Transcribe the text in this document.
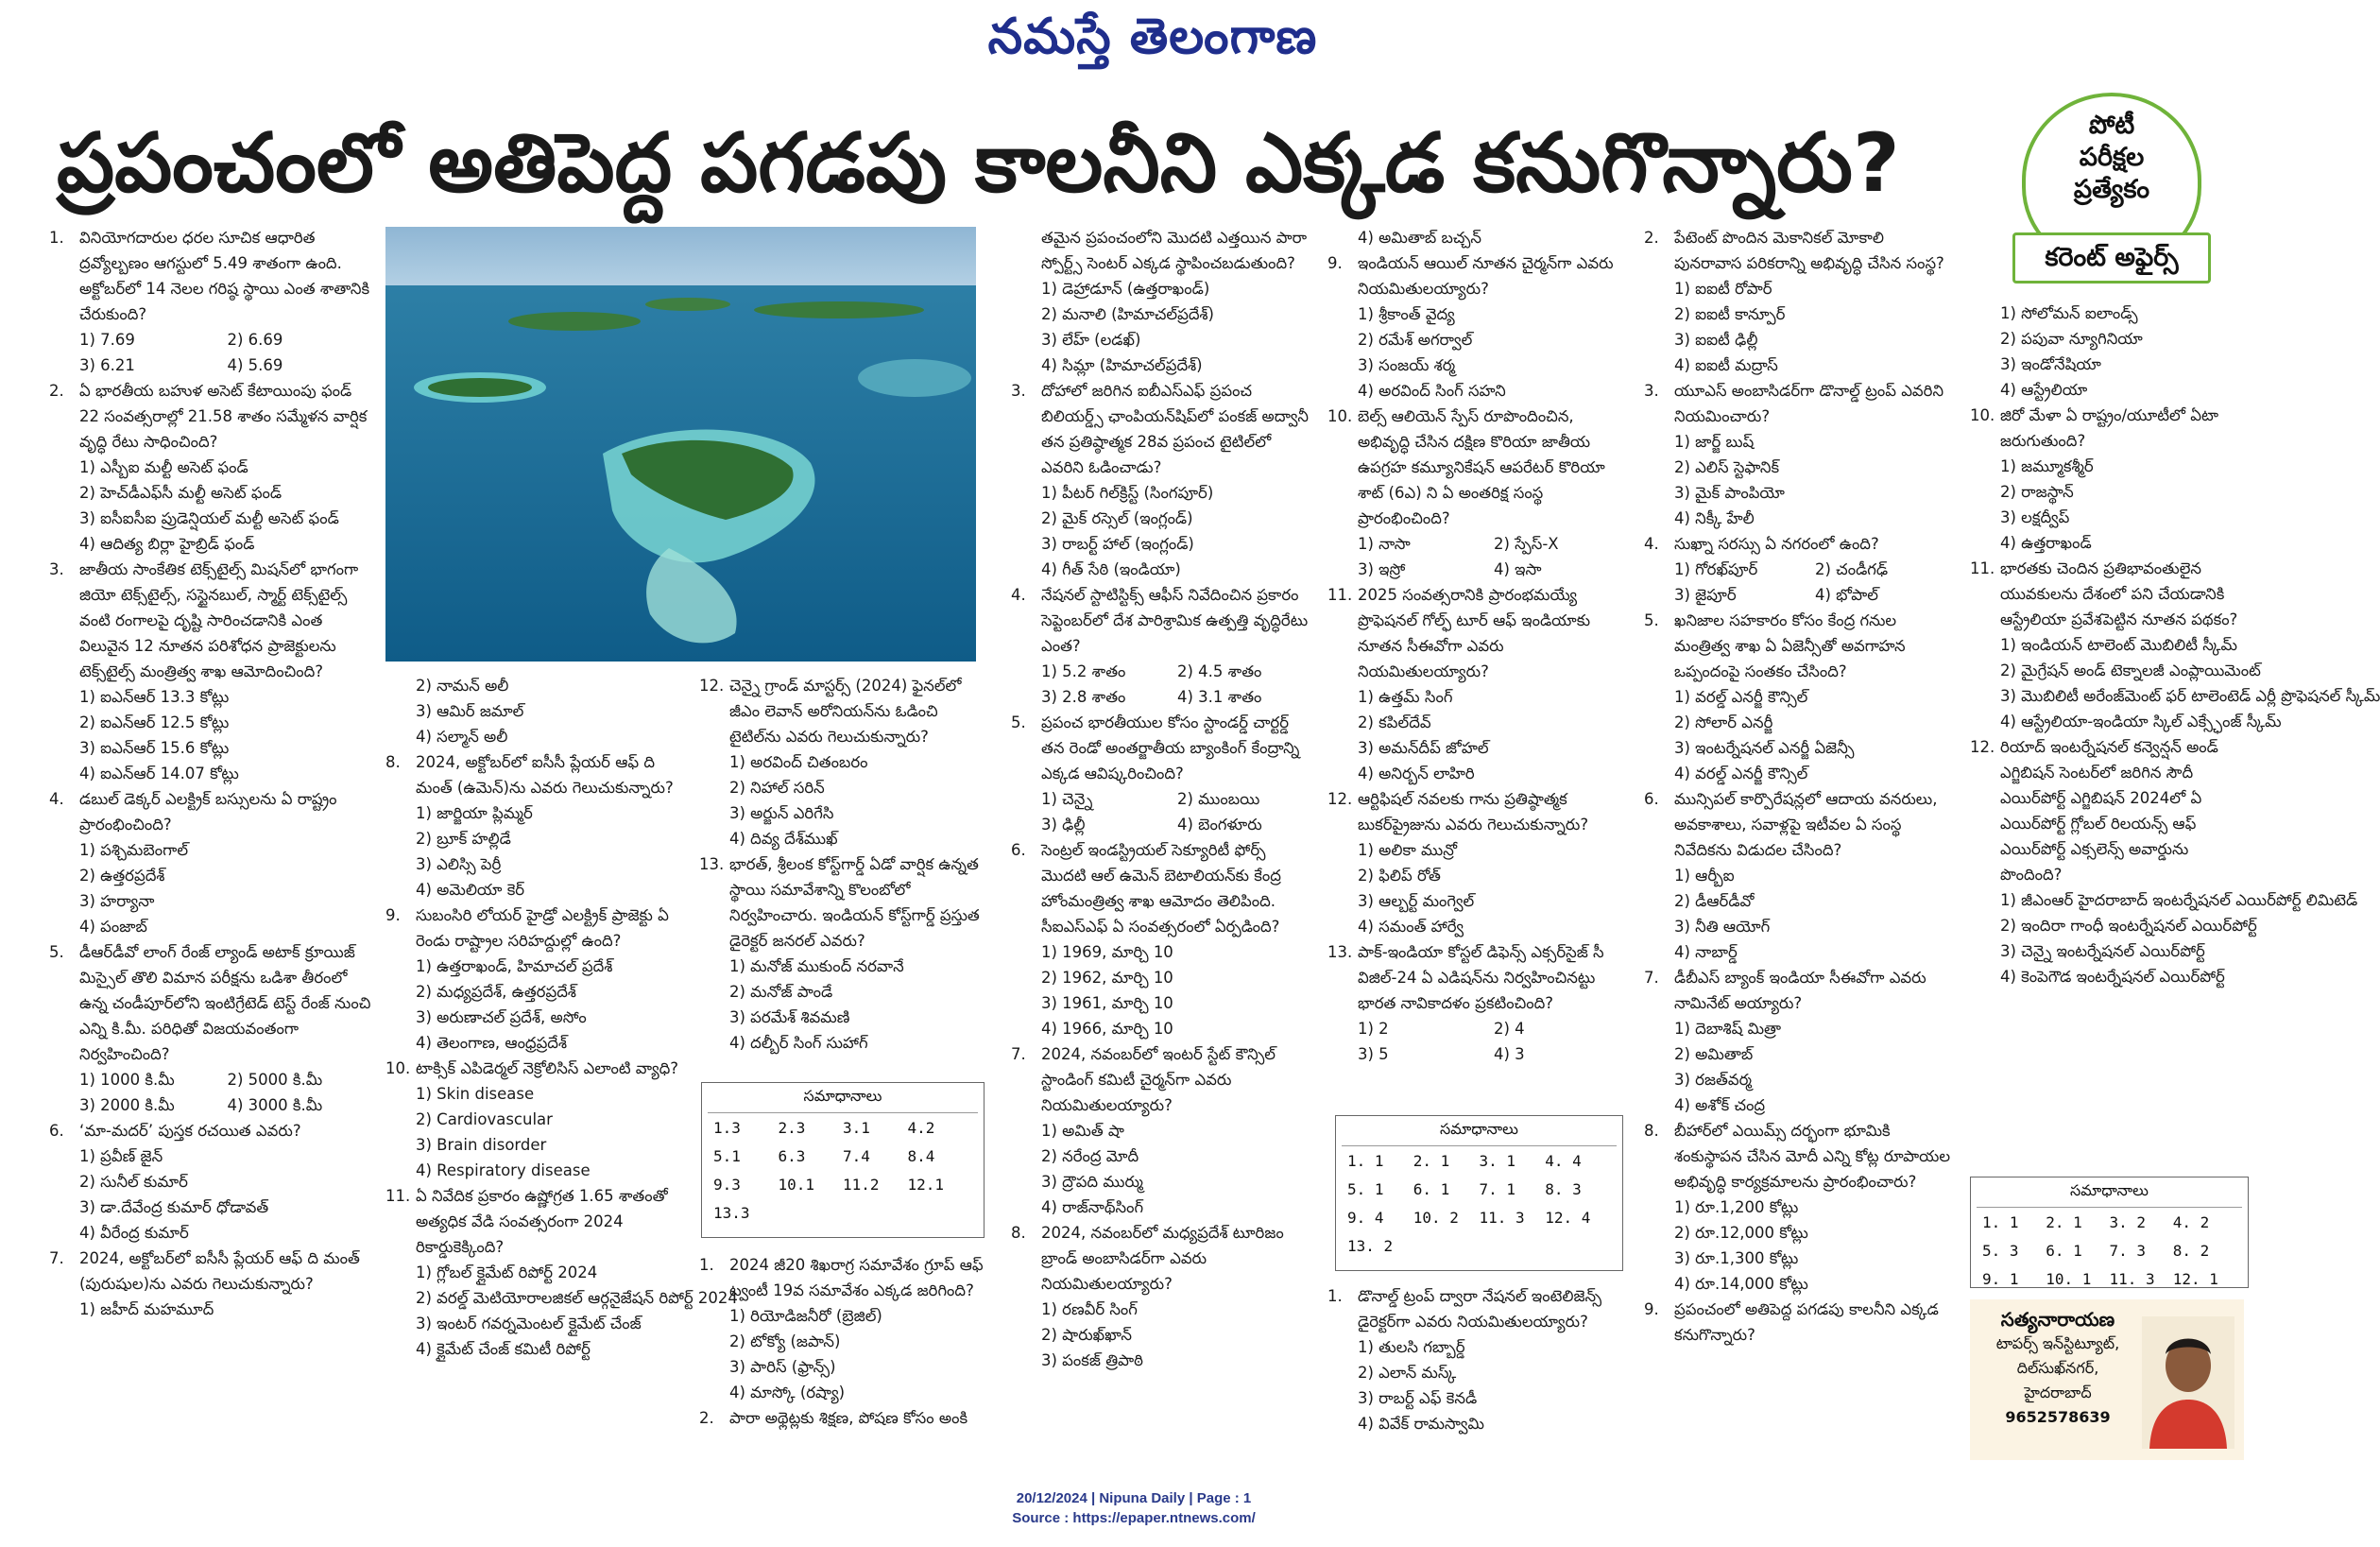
నమస్తే తెలంగాణ
ప్రపంచంలో అతిపెద్ద పగడపు కాలనీని ఎక్కడ కనుగొన్నారు?	పోటీ
పరీక్షల
ప్రత్యేకం
కరెంట్ అఫైర్స్
1. వినియోగదారుల ధరల సూచిక ఆధారిత ద్రవ్యోల్బణం ఆగస్టులో 5.49 శాతంగా ఉంది. అక్టోబర్‌లో 14 నెలల గరిష్ఠ స్థాయి ఎంత శాతానికి చేరుకుంది?
1) 7.69	2) 6.69
3) 6.21	4) 5.69
2. ఏ భారతీయ బహుళ అసెట్ కేటాయింపు ఫండ్ 22 సంవత్సరాల్లో 21.58 శాతం సమ్మేళన వార్షిక వృద్ధి రేటు సాధించింది?
1) ఎస్బీఐ మల్టీ అసెట్ ఫండ్
2) హెచ్‌డీఎఫ్‌సీ మల్టీ అసెట్ ఫండ్
3) ఐసీఐసీఐ ప్రుడెన్షియల్ మల్టీ అసెట్ ఫండ్
4) ఆదిత్య బిర్లా హైబ్రిడ్ ఫండ్
3. జాతీయ సాంకేతిక టెక్స్‌టైల్స్ మిషన్‌లో భాగంగా జియో టెక్స్‌టైల్స్, సస్టైనబుల్, స్మార్ట్ టెక్స్‌టైల్స్ వంటి రంగాలపై దృష్టి సారించడానికి ఎంత విలువైన 12 నూతన పరిశోధన ప్రాజెక్టులను టెక్స్‌టైల్స్ మంత్రిత్వ శాఖ ఆమోదించింది?
1) ఐఎన్‌ఆర్ 13.3 కోట్లు
2) ఐఎన్‌ఆర్ 12.5 కోట్లు
3) ఐఎన్‌ఆర్ 15.6 కోట్లు
4) ఐఎన్‌ఆర్ 14.07 కోట్లు
4. డబుల్ డెక్కర్ ఎలక్ట్రిక్ బస్సులను ఏ రాష్ట్రం ప్రారంభించింది?
1) పశ్చిమబెంగాల్
2) ఉత్తరప్రదేశ్
3) హర్యానా
4) పంజాబ్
5. డీఆర్‌డీవో లాంగ్ రేంజ్ ల్యాండ్ అటాక్ క్రూయిజ్ మిస్సైల్ తొలి విమాన పరీక్షను ఒడిశా తీరంలో ఉన్న చండీపూర్‌లోని ఇంటిగ్రేటెడ్ టెస్ట్ రేంజ్ నుంచి ఎన్ని కి.మీ. పరిధితో విజయవంతంగా నిర్వహించింది?
1) 1000 కి.మీ	2) 5000 కి.మీ
3) 2000 కి.మీ	4) 3000 కి.మీ
6. ‘మా-మదర్’ పుస్తక రచయిత ఎవరు?
1) ప్రవీణ్ జైన్
2) సునీల్ కుమార్
3) డా.దేవేంద్ర కుమార్ ధోడావత్
4) వీరేంద్ర కుమార్
7. 2024, అక్టోబర్‌లో ఐసీసీ ప్లేయర్ ఆఫ్ ది మంత్ (పురుషుల)ను ఎవరు గెలుచుకున్నారు?
1) జహీద్ మహమూద్
2) నామన్ అలీ
3) ఆమిర్ జమాల్
4) సల్మాన్ అలీ
8. 2024, అక్టోబర్‌లో ఐసీసీ ప్లేయర్ ఆఫ్ ది మంత్ (ఉమెన్)ను ఎవరు గెలుచుకున్నారు?
1) జార్జియా ప్లిమ్మర్
2) బ్రూక్ హల్లిడే
3) ఎలిస్సి పెర్రీ
4) అమెలియా కెర్
9. సుబంసిరి లోయర్ హైడ్రో ఎలక్ట్రిక్ ప్రాజెక్టు ఏ రెండు రాష్ట్రాల సరిహద్దుల్లో ఉంది?
1) ఉత్తరాఖండ్, హిమాచల్ ప్రదేశ్
2) మధ్యప్రదేశ్, ఉత్తరప్రదేశ్
3) అరుణాచల్ ప్రదేశ్, అసోం
4) తెలంగాణ, ఆంధ్రప్రదేశ్
10. టాక్సిక్ ఎపిడెర్మల్ నెక్రోలిసిస్ ఎలాంటి వ్యాధి?
1) Skin disease
2) Cardiovascular
3) Brain disorder
4) Respiratory disease
11. ఏ నివేదిక ప్రకారం ఉష్ణోగ్రత 1.65 శాతంతో అత్యధిక వేడి సంవత్సరంగా 2024 రికార్డుకెక్కింది?
1) గ్లోబల్ క్లైమేట్ రిపోర్ట్ 2024
2) వరల్డ్ మెటియోరాలజికల్ ఆర్గనైజేషన్ రిపోర్ట్ 2024
3) ఇంటర్ గవర్నమెంటల్ క్లైమేట్ చేంజ్
4) క్లైమేట్ చేంజ్ కమిటీ రిపోర్ట్
12. చెన్నై గ్రాండ్ మాస్టర్స్ (2024) ఫైనల్‌లో జీఎం లెవాన్ అరోనియన్‌ను ఓడించి టైటిల్‌ను ఎవరు గెలుచుకున్నారు?
1) అరవింద్ చితంబరం
2) నిహాల్ సరిన్
3) అర్జున్ ఎరిగేసి
4) దివ్య దేశ్‌ముఖ్
13. భారత్, శ్రీలంక కోస్ట్‌గార్డ్ ఏడో వార్షిక ఉన్నత స్థాయి సమావేశాన్ని కొలంబోలో నిర్వహించారు. ఇండియన్ కోస్ట్‌గార్డ్ ప్రస్తుత డైరెక్టర్ జనరల్ ఎవరు?
1) మనోజ్ ముకుంద్ నరవానే
2) మనోజ్ పాండే
3) పరమేశ్ శివమణి
4) దల్బీర్ సింగ్ సుహాగ్
సమాధానాలు
1.3	2.3	3.1	4.2
5.1	6.3	7.4	8.4
9.3	10.1	11.2	12.1
13.3
1. 2024 జీ20 శిఖరాగ్ర సమావేశం గ్రూప్ ఆఫ్ ట్వంటీ 19వ సమావేశం ఎక్కడ జరిగింది?
1) రియోడిజనీరో (బ్రెజిల్)
2) టోక్యో (జపాన్)
3) పారిస్ (ఫ్రాన్స్)
4) మాస్కో (రష్యా)
2. పారా అథ్లెట్లకు శిక్షణ, పోషణ కోసం అంకి
తమైన ప్రపంచంలోని మొదటి ఎత్తయిన పారా స్పోర్ట్స్ సెంటర్ ఎక్కడ స్థాపించబడుతుంది?
1) డెహ్రాడూన్ (ఉత్తరాఖండ్)
2) మనాలి (హిమాచల్‌ప్రదేశ్)
3) లేహ్ (లడఖ్)
4) సిమ్లా (హిమాచల్‌ప్రదేశ్)
3. దోహాలో జరిగిన ఐబీఎస్ఎఫ్ ప్రపంచ బిలియర్డ్స్ ఛాంపియన్‌షిప్‌లో పంకజ్ అద్వానీ తన ప్రతిష్ఠాత్మక 28వ ప్రపంచ టైటిల్‌లో ఎవరిని ఓడించాడు?
1) పీటర్ గిల్‌క్రిస్ట్ (సింగపూర్)
2) మైక్ రస్సెల్ (ఇంగ్లండ్)
3) రాబర్ట్ హాల్ (ఇంగ్లండ్)
4) గీత్ సేఠి (ఇండియా)
4. నేషనల్ స్టాటిస్టిక్స్ ఆఫీస్ నివేదించిన ప్రకారం సెప్టెంబర్‌లో దేశ పారిశ్రామిక ఉత్పత్తి వృద్ధిరేటు ఎంత?
1) 5.2 శాతం	2) 4.5 శాతం
3) 2.8 శాతం	4) 3.1 శాతం
5. ప్రపంచ భారతీయుల కోసం స్టాండర్డ్ చార్టర్డ్ తన రెండో అంతర్జాతీయ బ్యాంకింగ్ కేంద్రాన్ని ఎక్కడ ఆవిష్కరించింది?
1) చెన్నై	2) ముంబయి
3) ఢిల్లీ	4) బెంగళూరు
6. సెంట్రల్ ఇండస్ట్రియల్ సెక్యూరిటీ ఫోర్స్ మొదటి ఆల్ ఉమెన్ బెటాలియన్‌కు కేంద్ర హోంమంత్రిత్వ శాఖ ఆమోదం తెలిపింది. సీఐఎస్ఎఫ్ ఏ సంవత్సరంలో ఏర్పడింది?
1) 1969, మార్చి 10
2) 1962, మార్చి 10
3) 1961, మార్చి 10
4) 1966, మార్చి 10
7. 2024, నవంబర్‌లో ఇంటర్ స్టేట్ కౌన్సిల్ స్టాండింగ్ కమిటీ చైర్మన్‌గా ఎవరు నియమితులయ్యారు?
1) అమిత్ షా
2) నరేంద్ర మోదీ
3) ద్రౌపది ముర్ము
4) రాజ్‌నాథ్‌సింగ్
8. 2024, నవంబర్‌లో మధ్యప్రదేశ్ టూరిజం బ్రాండ్ అంబాసిడర్‌గా ఎవరు నియమితులయ్యారు?
1) రణవీర్ సింగ్
2) షారుఖ్‌ఖాన్
3) పంకజ్ త్రిపాఠి
4) అమితాబ్ బచ్చన్
9. ఇండియన్ ఆయిల్ నూతన చైర్మన్‌గా ఎవరు నియమితులయ్యారు?
1) శ్రీకాంత్ వైద్య
2) రమేశ్ అగర్వాల్
3) సంజయ్ శర్మ
4) అరవింద్ సింగ్ సహని
10. బెల్స్ ఆలియెన్ స్పేస్ రూపొందించిన, అభివృద్ధి చేసిన దక్షిణ కొరియా జాతీయ ఉపగ్రహ కమ్యూనికేషన్ ఆపరేటర్ కొరియా శాట్ (6ఎ) ని ఏ అంతరిక్ష సంస్థ ప్రారంభించింది?
1) నాసా	2) స్పేస్-X
3) ఇస్రో	4) ఇసా
11. 2025 సంవత్సరానికి ప్రారంభమయ్యే ప్రొఫెషనల్ గోల్ఫ్ టూర్ ఆఫ్ ఇండియాకు నూతన సీఈవోగా ఎవరు నియమితులయ్యారు?
1) ఉత్తమ్ సింగ్
2) కపిల్‌దేవ్
3) అమన్‌దీప్ జోహల్
4) అనిర్బన్ లాహిరి
12. ఆర్టిఫిషల్ నవలకు గాను ప్రతిష్ఠాత్మక బుకర్‌ప్రైజును ఎవరు గెలుచుకున్నారు?
1) అలికా మున్రో
2) ఫిలిప్ రోత్
3) ఆల్బర్ట్ మంగ్వెల్
4) సమంత్ హార్వే
13. పాక్-ఇండియా కోస్టల్ డిఫెన్స్ ఎక్సర్‌సైజ్ సీ విజిల్-24 ఏ ఎడిషన్‌ను నిర్వహించినట్టు భారత నావికాదళం ప్రకటించింది?
1) 2	2) 4
3) 5	4) 3
సమాధానాలు
1. 1	2. 1	3. 1	4. 4
5. 1	6. 1	7. 1	8. 3
9. 4	10. 2	11. 3	12. 4
13. 2
1. డొనాల్డ్ ట్రంప్ ద్వారా నేషనల్ ఇంటెలిజెన్స్ డైరెక్టర్‌గా ఎవరు నియమితులయ్యారు?
1) తులసి గబ్బార్డ్
2) ఎలాన్ మస్క్
3) రాబర్ట్ ఎఫ్ కెనడీ
4) వివేక్ రామస్వామి
2. పేటెంట్ పొందిన మెకానికల్ మోకాలి పునరావాస పరికరాన్ని అభివృద్ధి చేసిన సంస్థ?
1) ఐఐటీ రోపార్
2) ఐఐటీ కాన్పూర్
3) ఐఐటీ ఢిల్లీ
4) ఐఐటీ మద్రాస్
3. యూఎస్ అంబాసిడర్‌గా డొనాల్డ్ ట్రంప్ ఎవరిని నియమించారు?
1) జార్జ్ బుష్
2) ఎలిస్ స్టెఫానిక్
3) మైక్ పాంపియో
4) నిక్కీ హేలీ
4. సుఖ్నా సరస్సు ఏ నగరంలో ఉంది?
1) గోరఖ్‌పూర్	2) చండీగఢ్
3) జైపూర్	4) భోపాల్
5. ఖనిజాల సహకారం కోసం కేంద్ర గనుల మంత్రిత్వ శాఖ ఏ ఏజెన్సీతో అవగాహన ఒప్పందంపై సంతకం చేసింది?
1) వరల్డ్ ఎనర్జీ కౌన్సిల్
2) సోలార్ ఎనర్జీ
3) ఇంటర్నేషనల్ ఎనర్జీ ఏజెన్సీ
4) వరల్డ్ ఎనర్జీ కౌన్సిల్
6. మున్సిపల్ కార్పొరేషన్లలో ఆదాయ వనరులు, అవకాశాలు, సవాళ్లపై ఇటీవల ఏ సంస్థ నివేదికను విడుదల చేసింది?
1) ఆర్బీఐ
2) డీఆర్‌డీవో
3) నీతి ఆయోగ్
4) నాబార్డ్
7. డీబీఎస్ బ్యాంక్ ఇండియా సీఈవోగా ఎవరు నామినేట్ అయ్యారు?
1) దెబాశిష్ మిత్రా
2) అమితాబ్
3) రజత్‌వర్మ
4) అశోక్ చంద్ర
8. బీహార్‌లో ఎయిమ్స్ దర్భంగా భూమికి శంకుస్థాపన చేసిన మోదీ ఎన్ని కోట్ల రూపాయల అభివృద్ధి కార్యక్రమాలను ప్రారంభించారు?
1) రూ.1,200 కోట్లు
2) రూ.12,000 కోట్లు
3) రూ.1,300 కోట్లు
4) రూ.14,000 కోట్లు
9. ప్రపంచంలో అతిపెద్ద పగడపు కాలనీని ఎక్కడ కనుగొన్నారు?
1) సోలోమన్ ఐలాండ్స్
2) పపువా న్యూగినియా
3) ఇండోనేషియా
4) ఆస్ట్రేలియా
10. జిరో మేళా ఏ రాష్ట్రం/యూటీలో ఏటా జరుగుతుంది?
1) జమ్మూకశ్మీర్
2) రాజస్థాన్
3) లక్షద్వీప్
4) ఉత్తరాఖండ్
11. భారతకు చెందిన ప్రతిభావంతులైన యువకులను దేశంలో పని చేయడానికి ఆస్ట్రేలియా ప్రవేశపెట్టిన నూతన పథకం?
1) ఇండియన్ టాలెంట్ మొబిలిటీ స్కీమ్
2) మైగ్రేషన్ అండ్ టెక్నాలజీ ఎంప్లాయిమెంట్
3) మొబిలిటీ అరేంజ్‌మెంట్ ఫర్ టాలెంటెడ్ ఎర్లీ ప్రొఫెషనల్ స్కీమ్
4) ఆస్ట్రేలియా-ఇండియా స్కిల్ ఎక్స్ఛేంజ్ స్కీమ్
12. రియాద్ ఇంటర్నేషనల్ కన్వెన్షన్ అండ్ ఎగ్జిబిషన్ సెంటర్‌లో జరిగిన సౌదీ ఎయిర్‌పోర్ట్ ఎగ్జిబిషన్ 2024లో ఏ ఎయిర్‌పోర్ట్ గ్లోబల్ రిలయన్స్ ఆఫ్ ఎయిర్‌పోర్ట్ ఎక్సలెన్స్ అవార్డును పొందింది?
1) జీఎంఆర్ హైదరాబాద్ ఇంటర్నేషనల్ ఎయిర్‌పోర్ట్ లిమిటెడ్
2) ఇందిరా గాంధీ ఇంటర్నేషనల్ ఎయిర్‌పోర్ట్
3) చెన్నై ఇంటర్నేషనల్ ఎయిర్‌పోర్ట్
4) కెంపెగౌడ ఇంటర్నేషనల్ ఎయిర్‌పోర్ట్
సమాధానాలు
1. 1	2. 1	3. 2	4. 2
5. 3	6. 1	7. 3	8. 2
9. 1	10. 1	11. 3	12. 1
సత్యనారాయణ
టాపర్స్ ఇన్‌స్టిట్యూట్,
దిల్‌సుఖ్‌నగర్,
హైదరాబాద్
9652578639
20/12/2024 | Nipuna Daily | Page : 1
Source : https://epaper.ntnews.com/
